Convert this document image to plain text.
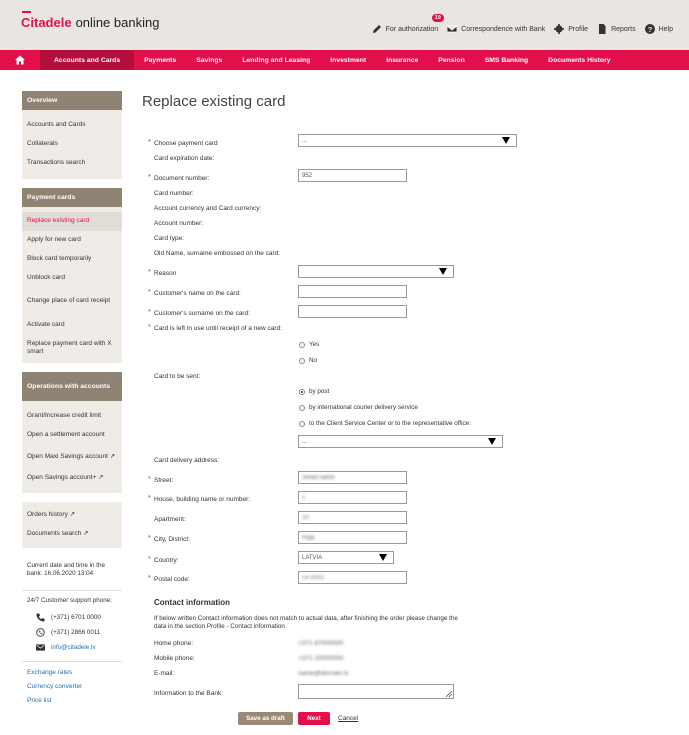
Citadele online banking	For authorization
19
Correspondence with Bank	Profile	Reports ? Help
Accounts and Cards	Payments	Savings	Lending and Leasing	Investment	Insurance	Pension	SMS Banking	Documents History
Overview
Accounts and Cards
Collaterals
Transactions search
Payment cards
Replace existing card
Apply for new card
Block card temporarily
Unblock card
Change place of card receipt
Activate card
Replace payment card with X smart
Operations with accounts
Grant/Increase credit limit
Open a settlement account
Open Maxi Savings account ↗
Open Savings account+ ↗
Orders history ↗
Documents search ↗
Current date and time in the bank: 16.06.2020 13:04
24/7 Customer support phone:
(+371) 6701 0000
(+371) 2866 0011
info@citadele.lv
Exchange rates
Currency converter
Price list
Replace existing card
* Choose payment card	...
Card expiration date:
* Document number:	952
Card number:
Account currency and Card currency:
Account number:
Card type:
Old Name, surname embossed on the card:
* Reason
* Customer's name on the card:
* Customer's surname on the card:
* Card is left in use until receipt of a new card:
Yes
No
Card to be sent:
by post
by international courier delivery service
to the Client Service Center or to the representative office:
...
Card delivery address:
* Street:	Street name
* House, building name or number:	1
Apartment:	10
* City, District:	Riga
* Country:	LATVIA
* Postal code:	LV-1001
Contact information
If below written Contact information does not match to actual data, after finishing the order please change the data in the section Profile - Contact information
Home phone:	+371 67000000
Mobile phone:	+371 20000000
E-mail:	name@domain.lv
Information to the Bank:
Save as draft	Next	Cancel
